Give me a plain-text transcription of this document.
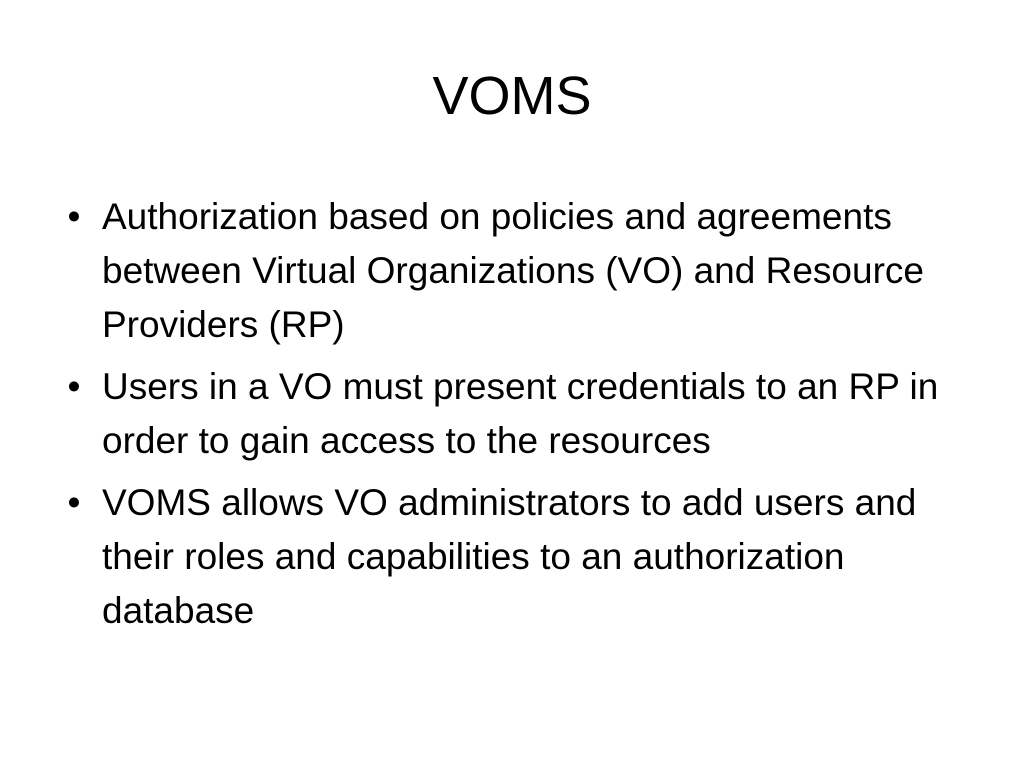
VOMS
• Authorization based on policies and agreements between Virtual Organizations (VO) and Resource Providers (RP)
• Users in a VO must present credentials to an RP in order to gain access to the resources
• VOMS allows VO administrators to add users and their roles and capabilities to an authorization database
